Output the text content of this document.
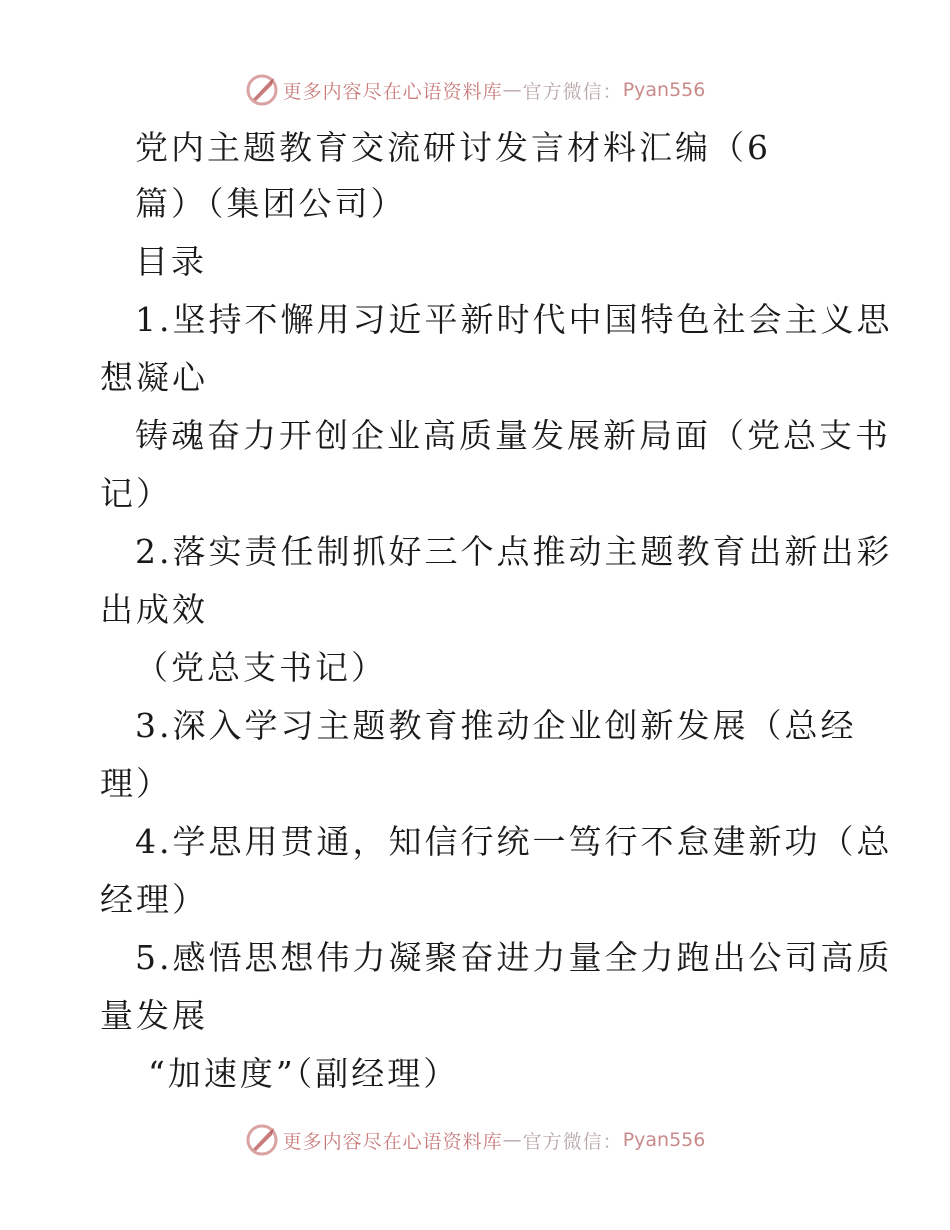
更多内容尽在心语资料库 — 官方微信： Pyan556
党内主题教育交流研讨发言材料汇编（6
篇）（集团公司）
目录
1.坚持不懈用习近平新时代中国特色社会主义思
想凝心
铸魂奋力开创企业高质量发展新局面（党总支书
记）
2.落实责任制抓好三个点推动主题教育出新出彩
出成效
（党总支书记）
3.深入学习主题教育推动企业创新发展（总经
理）
4.学思用贯通，知信行统一笃行不怠建新功（总
经理）
5.感悟思想伟力凝聚奋进力量全力跑出公司高质
量发展
“加速度”（副经理）
更多内容尽在心语资料库 — 官方微信： Pyan556
